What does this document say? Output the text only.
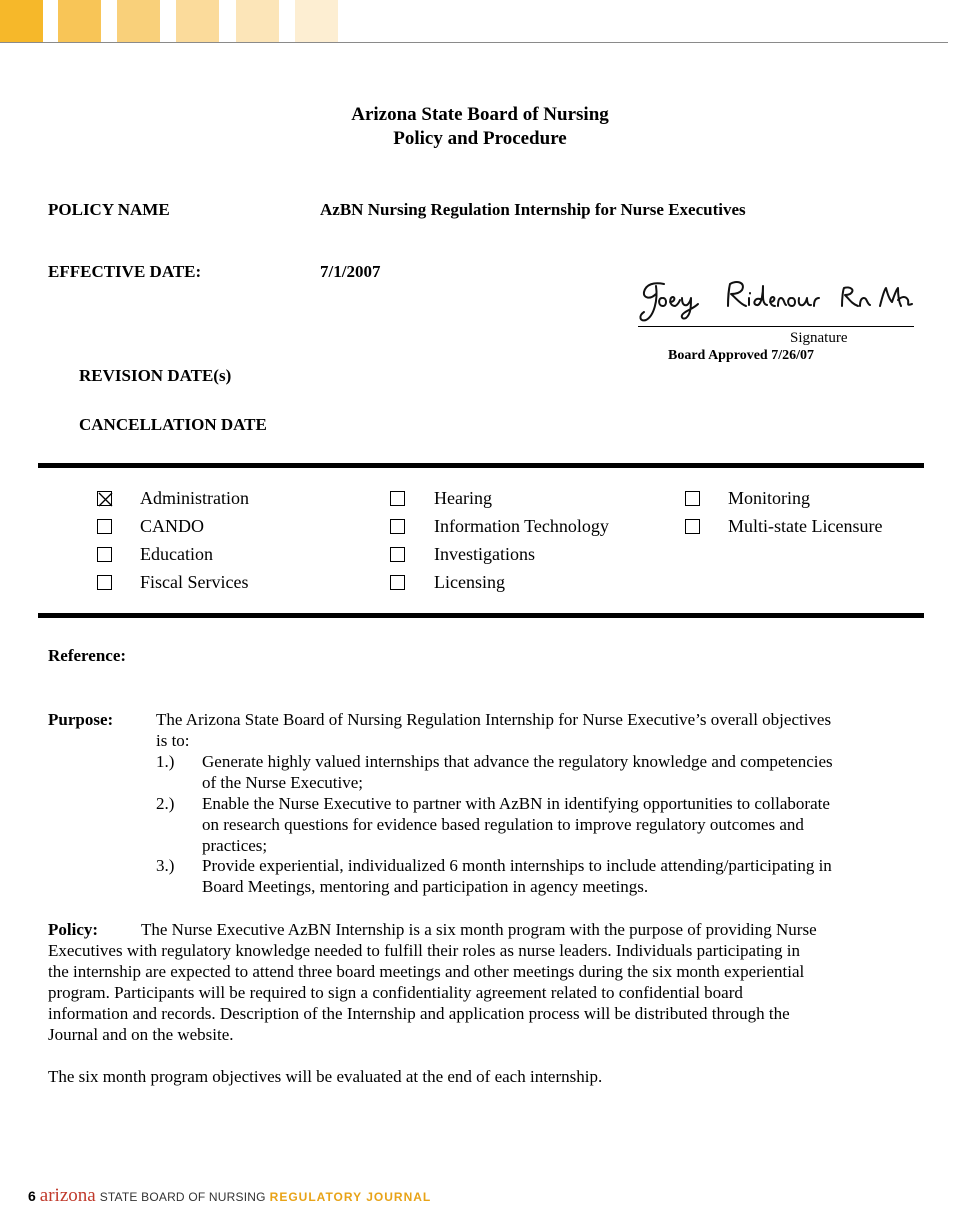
Arizona State Board of Nursing
Policy and Procedure
POLICY NAME	AzBN Nursing Regulation Internship for Nurse Executives
EFFECTIVE DATE:	7/1/2007
Signature
Board Approved 7/26/07
REVISION DATE(s)
CANCELLATION DATE
Administration
CANDO
Education
Fiscal Services
Hearing
Information Technology
Investigations
Licensing
Monitoring
Multi-state Licensure
Reference:
Purpose:	The Arizona State Board of Nursing Regulation Internship for Nurse Executive’s overall objectives
is to:
1.) Generate highly valued internships that advance the regulatory knowledge and competencies
of the Nurse Executive;
2.) Enable the Nurse Executive to partner with AzBN in identifying opportunities to collaborate
on research questions for evidence based regulation to improve regulatory outcomes and
practices;
3.) Provide experiential, individualized 6 month internships to include attending/participating in
Board Meetings, mentoring and participation in agency meetings.
Policy:	The Nurse Executive AzBN Internship is a six month program with the purpose of providing Nurse
Executives with regulatory knowledge needed to fulfill their roles as nurse leaders. Individuals participating in
the internship are expected to attend three board meetings and other meetings during the six month experiential
program. Participants will be required to sign a confidentiality agreement related to confidential board
information and records. Description of the Internship and application process will be distributed through the
Journal and on the website.
The six month program objectives will be evaluated at the end of each internship.
6 arizona STATE BOARD OF NURSING REGULATORY JOURNAL
